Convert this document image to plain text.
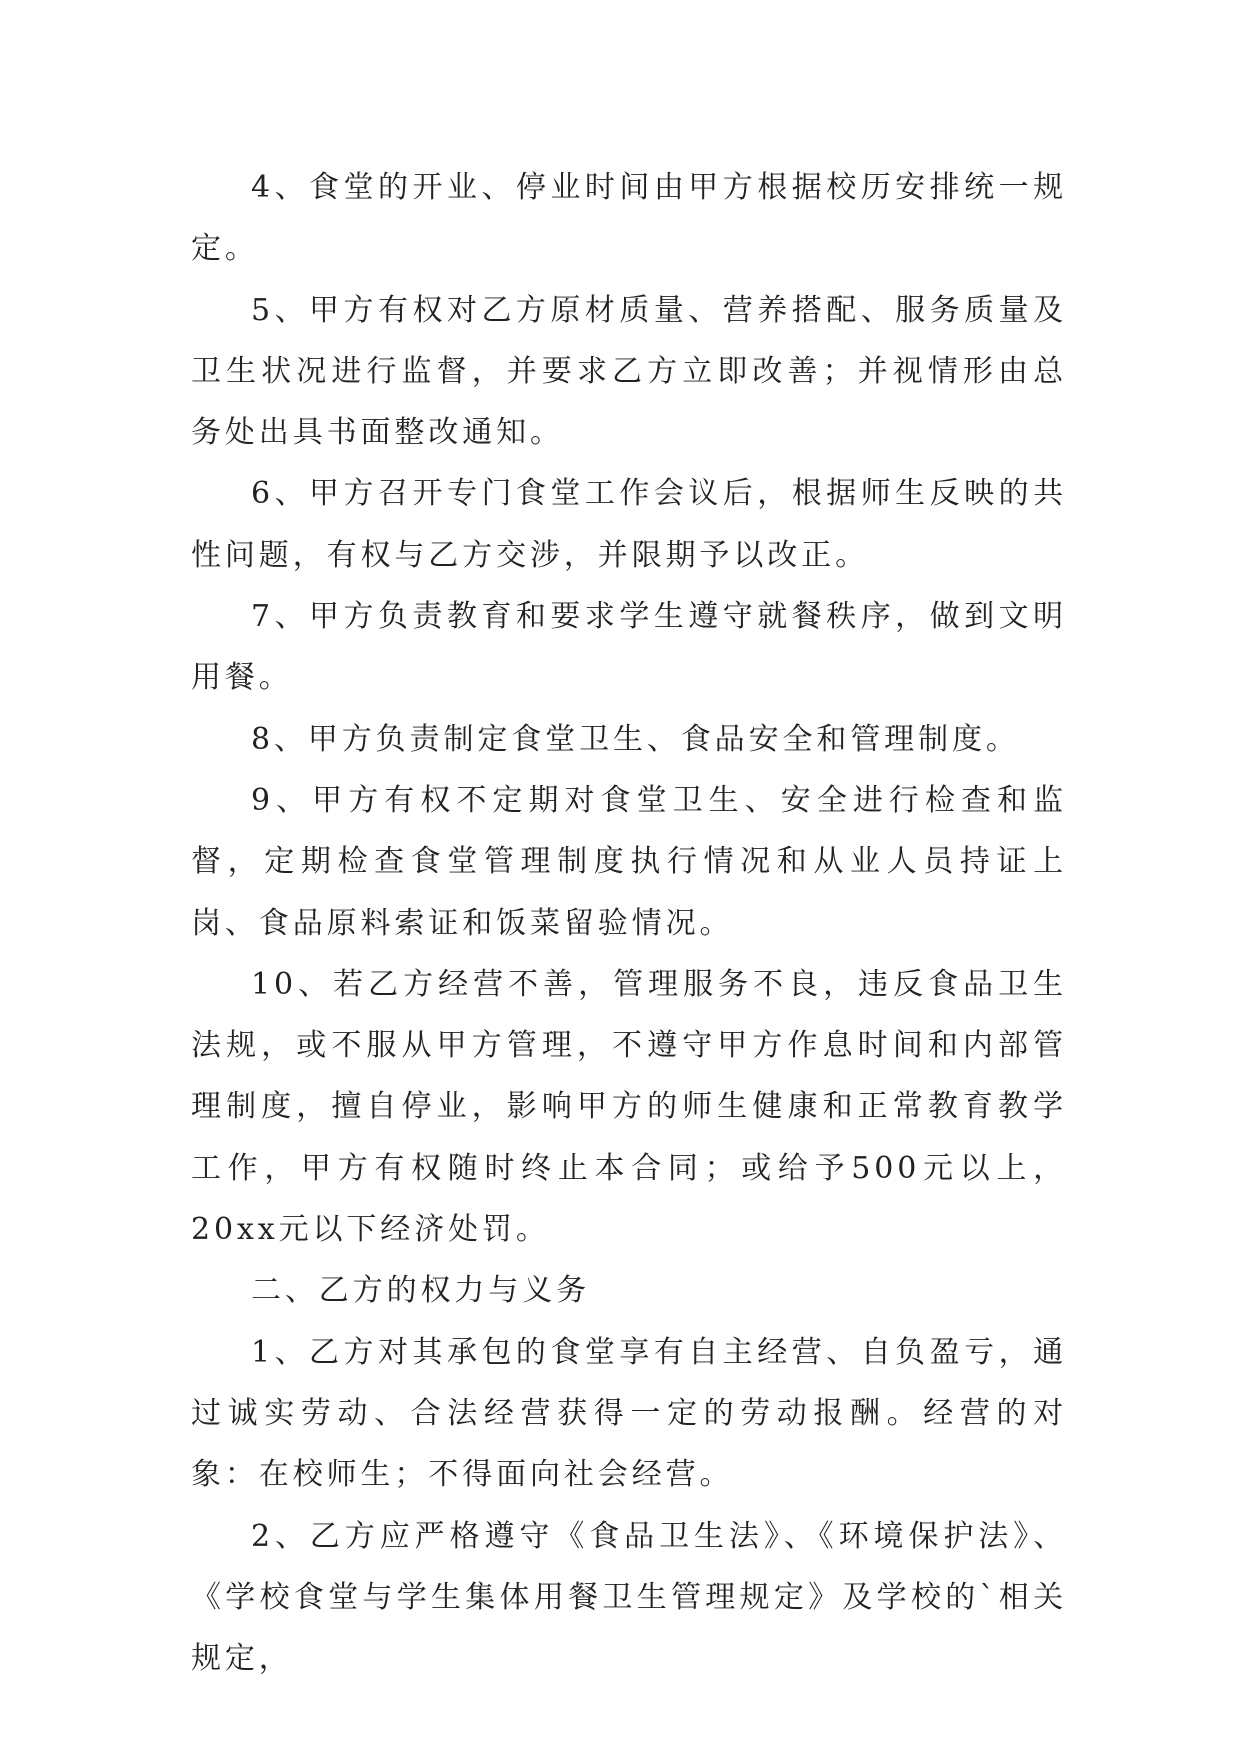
4、食堂的开业、停业时间由甲方根据校历安排统一规定。

5、甲方有权对乙方原材质量、营养搭配、服务质量及卫生状况进行监督，并要求乙方立即改善；并视情形由总务处出具书面整改通知。

6、甲方召开专门食堂工作会议后，根据师生反映的共性问题，有权与乙方交涉，并限期予以改正。

7、甲方负责教育和要求学生遵守就餐秩序，做到文明用餐。

8、甲方负责制定食堂卫生、食品安全和管理制度。

9、甲方有权不定期对食堂卫生、安全进行检查和监督，定期检查食堂管理制度执行情况和从业人员持证上岗、食品原料索证和饭菜留验情况。

10、若乙方经营不善，管理服务不良，违反食品卫生法规，或不服从甲方管理，不遵守甲方作息时间和内部管理制度，擅自停业，影响甲方的师生健康和正常教育教学工作，甲方有权随时终止本合同；或给予500元以上，20xx元以下经济处罚。

二、乙方的权力与义务

1、乙方对其承包的食堂享有自主经营、自负盈亏，通过诚实劳动、合法经营获得一定的劳动报酬。经营的对象：在校师生；不得面向社会经营。

2、乙方应严格遵守《食品卫生法》、《环境保护法》、《学校食堂与学生集体用餐卫生管理规定》及学校的`相关规定，
